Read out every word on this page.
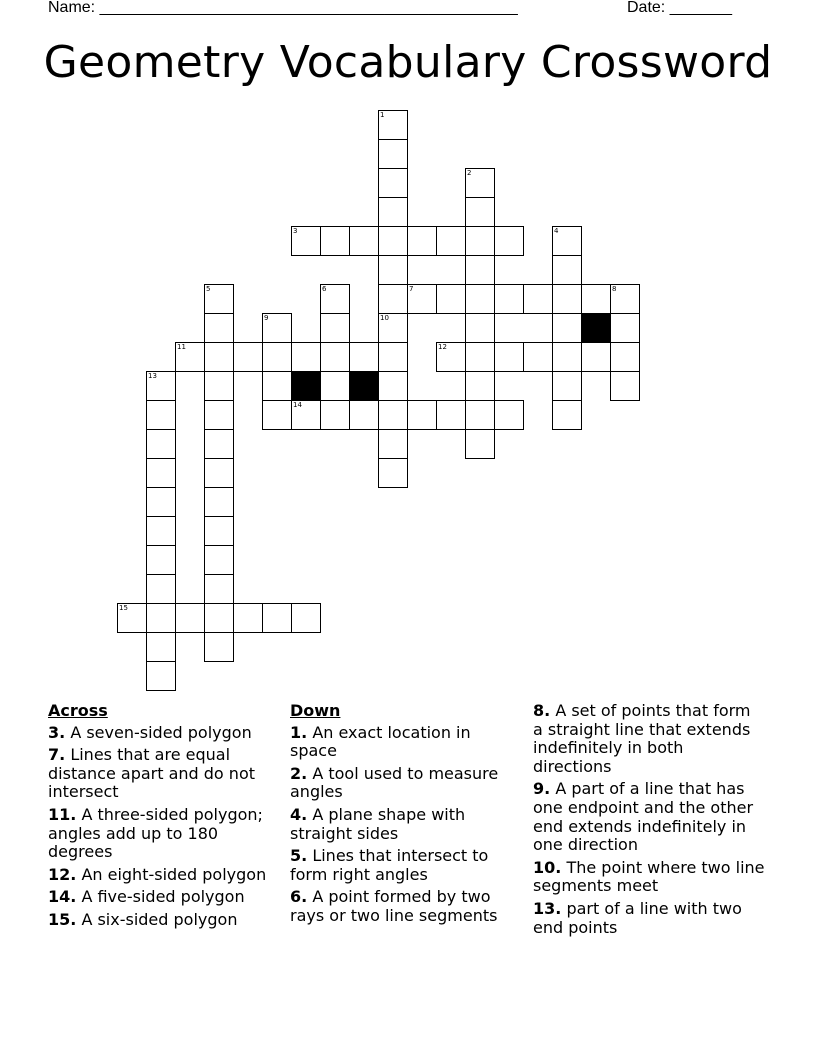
Name: _______________________________________________	Date: _______
Geometry Vocabulary Crossword
1
10
2
3	4
5	6	7	8
9
11	12
13
14
15
Across
3. A seven-sided polygon
7. Lines that are equal distance apart and do not intersect
11. A three-sided polygon; angles add up to 180 degrees
12. An eight-sided polygon
14. A five-sided polygon
15. A six-sided polygon
Down
1. An exact location in space
2. A tool used to measure angles
4. A plane shape with straight sides
5. Lines that intersect to form right angles
6. A point formed by two rays or two line segments
8. A set of points that form a straight line that extends indefinitely in both directions
9. A part of a line that has one endpoint and the other end extends indefinitely in one direction
10. The point where two line segments meet
13. part of a line with two end points
